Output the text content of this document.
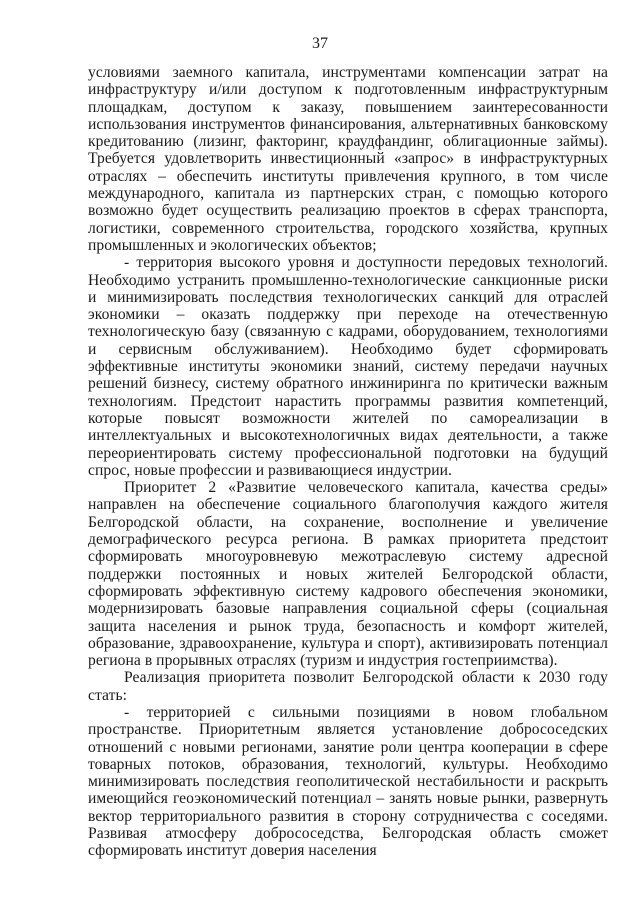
37

условиями заемного капитала, инструментами компенсации затрат на инфраструктуру и/или доступом к подготовленным инфраструктурным площадкам, доступом к заказу, повышением заинтересованности использования инструментов финансирования, альтернативных банковскому кредитованию (лизинг, факторинг, краудфандинг, облигационные займы). Требуется удовлетворить инвестиционный «запрос» в инфраструктурных отраслях – обеспечить институты привлечения крупного, в том числе международного, капитала из партнерских стран, с помощью которого возможно будет осуществить реализацию проектов в сферах транспорта, логистики, современного строительства, городского хозяйства, крупных промышленных и экологических объектов;

- территория высокого уровня и доступности передовых технологий. Необходимо устранить промышленно-технологические санкционные риски и минимизировать последствия технологических санкций для отраслей экономики – оказать поддержку при переходе на отечественную технологическую базу (связанную с кадрами, оборудованием, технологиями и сервисным обслуживанием). Необходимо будет сформировать эффективные институты экономики знаний, систему передачи научных решений бизнесу, систему обратного инжиниринга по критически важным технологиям. Предстоит нарастить программы развития компетенций, которые повысят возможности жителей по самореализации в интеллектуальных и высокотехнологичных видах деятельности, а также переориентировать систему профессиональной подготовки на будущий спрос, новые профессии и развивающиеся индустрии.

Приоритет 2 «Развитие человеческого капитала, качества среды» направлен на обеспечение социального благополучия каждого жителя Белгородской области, на сохранение, восполнение и увеличение демографического ресурса региона. В рамках приоритета предстоит сформировать многоуровневую межотраслевую систему адресной поддержки постоянных и новых жителей Белгородской области, сформировать эффективную систему кадрового обеспечения экономики, модернизировать базовые направления социальной сферы (социальная защита населения и рынок труда, безопасность и комфорт жителей, образование, здравоохранение, культура и спорт), активизировать потенциал региона в прорывных отраслях (туризм и индустрия гостеприимства).

Реализация приоритета позволит Белгородской области к 2030 году стать:

- территорией с сильными позициями в новом глобальном пространстве. Приоритетным является установление добрососедских отношений с новыми регионами, занятие роли центра кооперации в сфере товарных потоков, образования, технологий, культуры. Необходимо минимизировать последствия геополитической нестабильности и раскрыть имеющийся геоэкономический потенциал – занять новые рынки, развернуть вектор территориального развития в сторону сотрудничества с соседями. Развивая атмосферу добрососедства, Белгородская область сможет сформировать институт доверия населения
